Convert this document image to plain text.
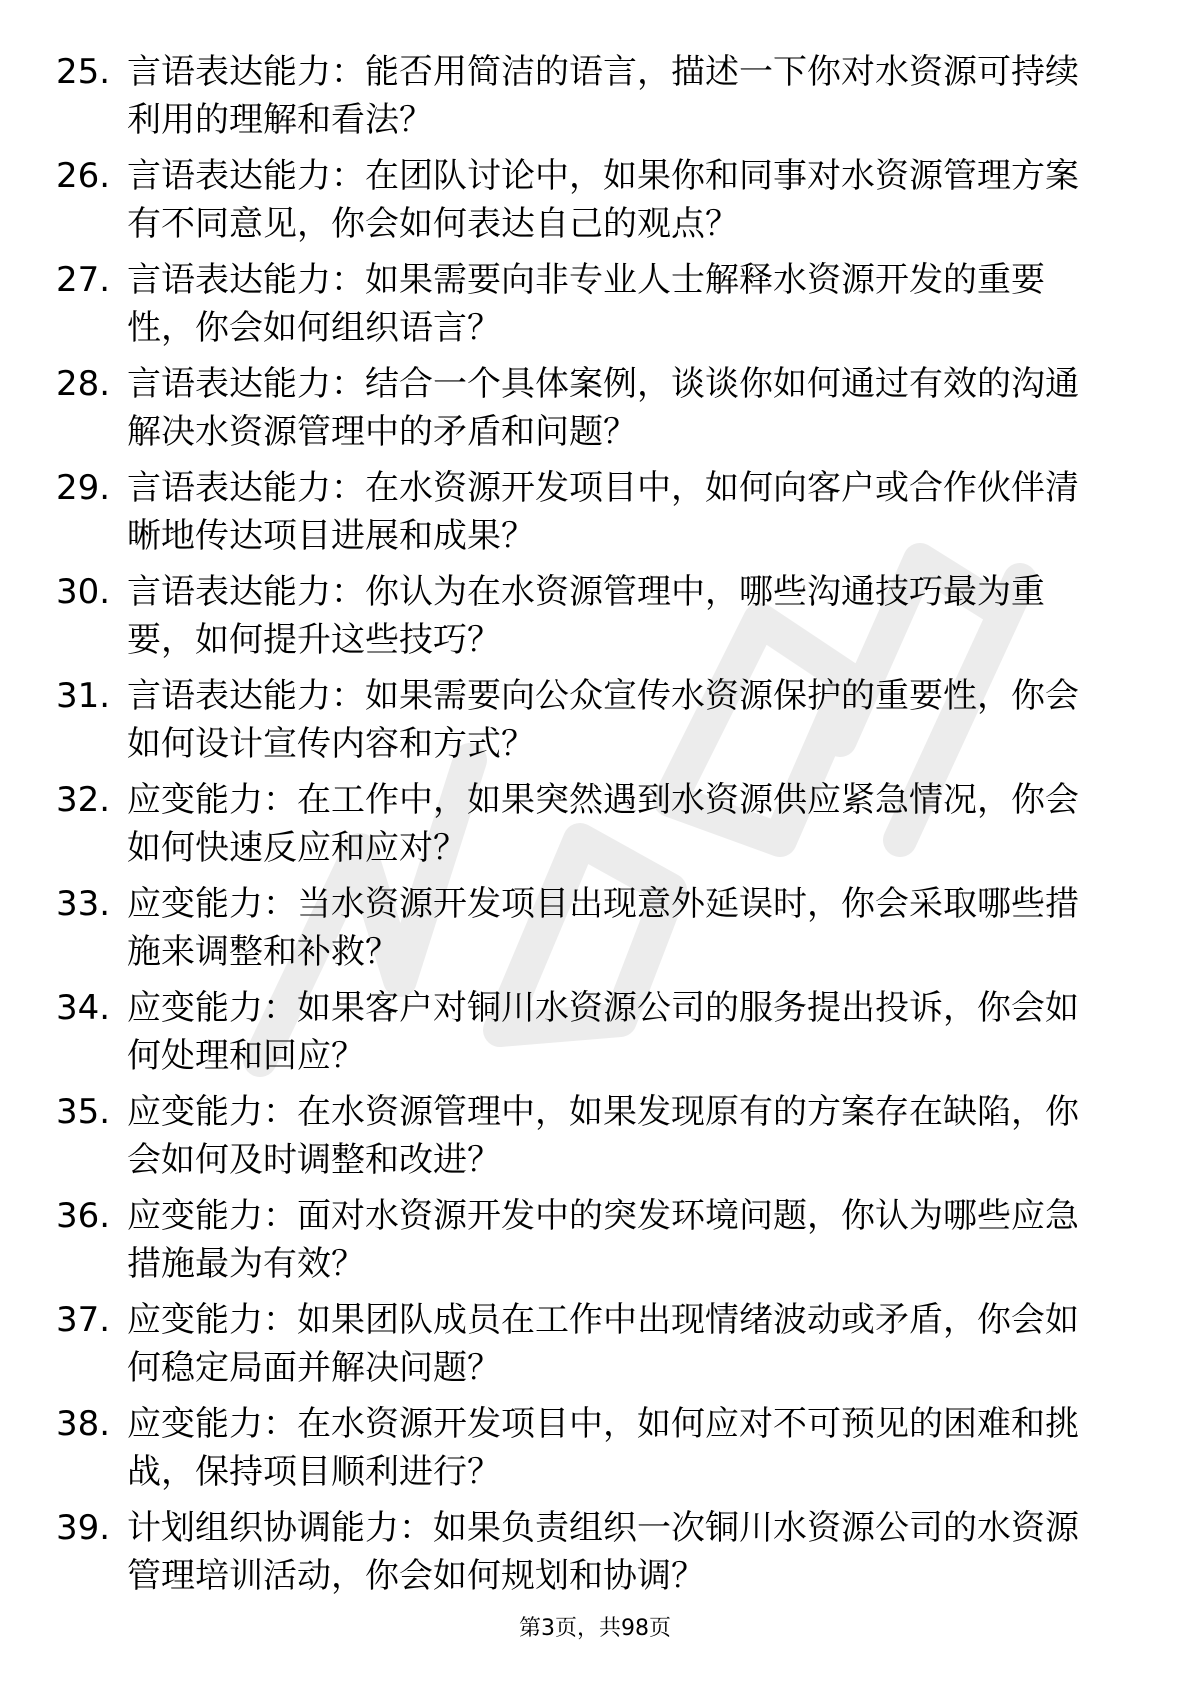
25. 言语表达能力：能否用简洁的语言，描述一下你对水资源可持续
利用的理解和看法？
26. 言语表达能力：在团队讨论中，如果你和同事对水资源管理方案
有不同意见，你会如何表达自己的观点？
27. 言语表达能力：如果需要向非专业人士解释水资源开发的重要
性，你会如何组织语言？
28. 言语表达能力：结合一个具体案例，谈谈你如何通过有效的沟通
解决水资源管理中的矛盾和问题？
29. 言语表达能力：在水资源开发项目中，如何向客户或合作伙伴清
晰地传达项目进展和成果？
30. 言语表达能力：你认为在水资源管理中，哪些沟通技巧最为重
要，如何提升这些技巧？
31. 言语表达能力：如果需要向公众宣传水资源保护的重要性，你会
如何设计宣传内容和方式？
32. 应变能力：在工作中，如果突然遇到水资源供应紧急情况，你会
如何快速反应和应对？
33. 应变能力：当水资源开发项目出现意外延误时，你会采取哪些措
施来调整和补救？
34. 应变能力：如果客户对铜川水资源公司的服务提出投诉，你会如
何处理和回应？
35. 应变能力：在水资源管理中，如果发现原有的方案存在缺陷，你
会如何及时调整和改进？
36. 应变能力：面对水资源开发中的突发环境问题，你认为哪些应急
措施最为有效？
37. 应变能力：如果团队成员在工作中出现情绪波动或矛盾，你会如
何稳定局面并解决问题？
38. 应变能力：在水资源开发项目中，如何应对不可预见的困难和挑
战，保持项目顺利进行？
39. 计划组织协调能力：如果负责组织一次铜川水资源公司的水资源
管理培训活动，你会如何规划和协调？
第3页，共98页
